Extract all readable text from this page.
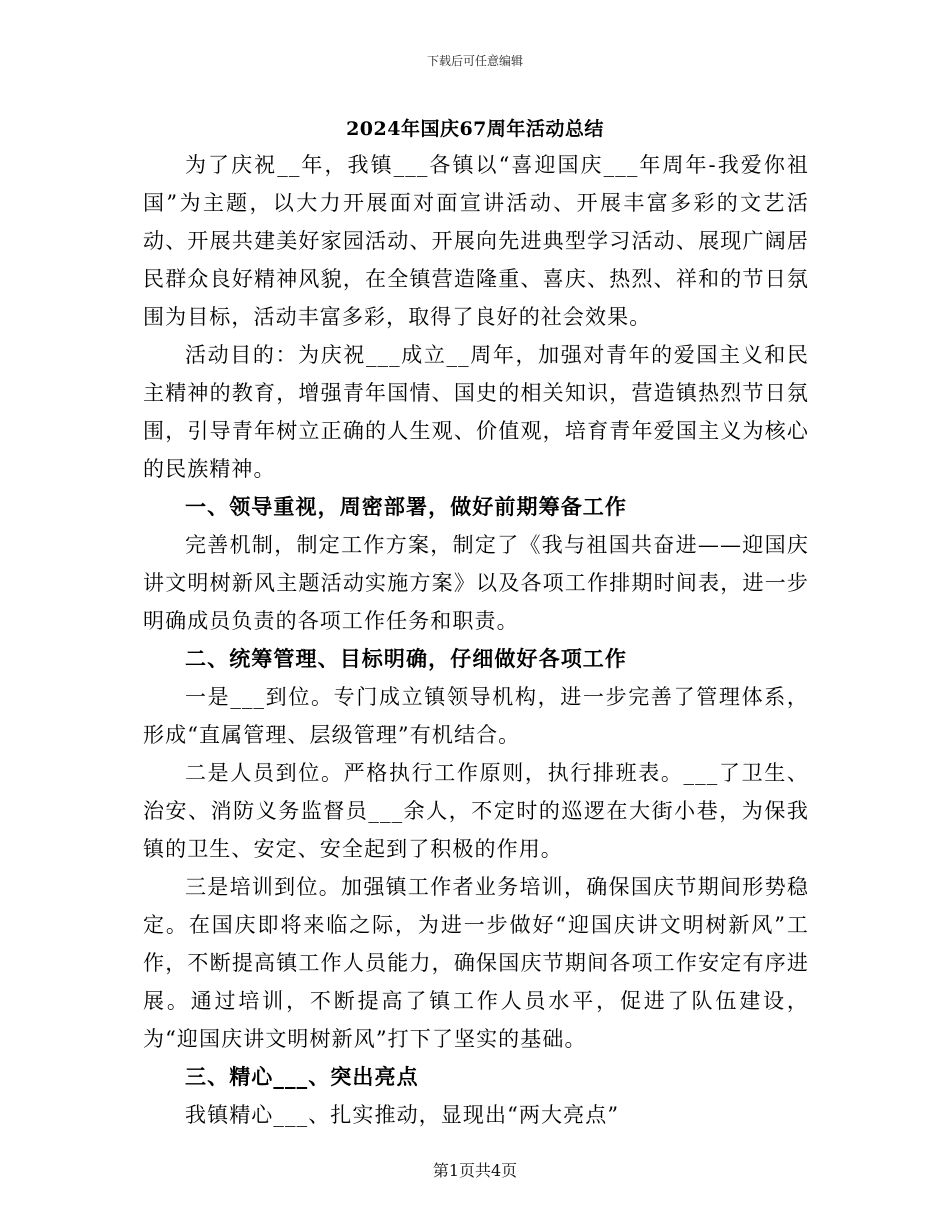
下载后可任意编辑
2024年国庆67周年活动总结

为了庆祝__年，我镇___各镇以“喜迎国庆___年周年-我爱你祖国”为主题，以大力开展面对面宣讲活动、开展丰富多彩的文艺活动、开展共建美好家园活动、开展向先进典型学习活动、展现广阔居民群众良好精神风貌，在全镇营造隆重、喜庆、热烈、祥和的节日氛围为目标，活动丰富多彩，取得了良好的社会效果。

活动目的：为庆祝___成立__周年，加强对青年的爱国主义和民主精神的教育，增强青年国情、国史的相关知识，营造镇热烈节日氛围，引导青年树立正确的人生观、价值观，培育青年爱国主义为核心的民族精神。

一、领导重视，周密部署，做好前期筹备工作

完善机制，制定工作方案，制定了《我与祖国共奋进——迎国庆讲文明树新风主题活动实施方案》以及各项工作排期时间表，进一步明确成员负责的各项工作任务和职责。

二、统筹管理、目标明确，仔细做好各项工作

一是___到位。专门成立镇领导机构，进一步完善了管理体系，形成“直属管理、层级管理”有机结合。

二是人员到位。严格执行工作原则，执行排班表。___了卫生、治安、消防义务监督员___余人，不定时的巡逻在大街小巷，为保我镇的卫生、安定、安全起到了积极的作用。

三是培训到位。加强镇工作者业务培训，确保国庆节期间形势稳定。在国庆即将来临之际，为进一步做好“迎国庆讲文明树新风”工作，不断提高镇工作人员能力，确保国庆节期间各项工作安定有序进展。通过培训，不断提高了镇工作人员水平，促进了队伍建设，为“迎国庆讲文明树新风”打下了坚实的基础。

三、精心___、突出亮点

我镇精心___、扎实推动，显现出“两大亮点”

第1页共4页
